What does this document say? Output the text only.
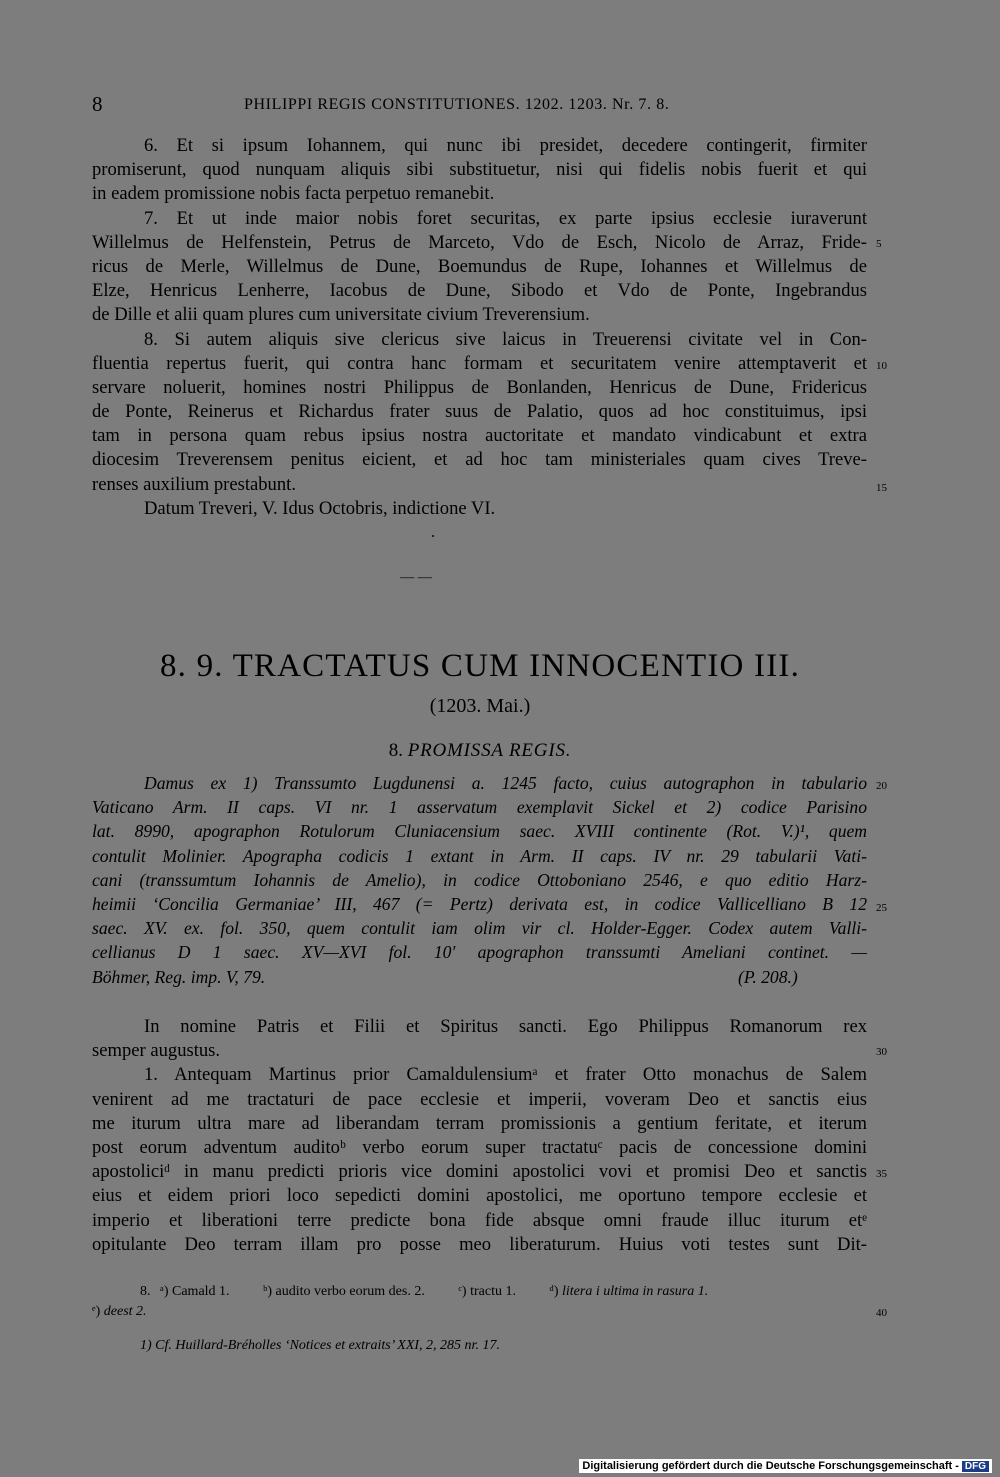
8	PHILIPPI REGIS CONSTITUTIONES. 1202. 1203. Nr. 7. 8.
6. Et si ipsum Iohannem, qui nunc ibi presidet, decedere contingerit, firmiter
promiserunt, quod nunquam aliquis sibi substituetur, nisi qui fidelis nobis fuerit et qui
in eadem promissione nobis facta perpetuo remanebit.
7. Et ut inde maior nobis foret securitas, ex parte ipsius ecclesie iuraverunt
Willelmus de Helfenstein, Petrus de Marceto, Vdo de Esch, Nicolo de Arraz, Fride-
ricus de Merle, Willelmus de Dune, Boemundus de Rupe, Iohannes et Willelmus de
Elze, Henricus Lenherre, Iacobus de Dune, Sibodo et Vdo de Ponte, Ingebrandus
de Dille et alii quam plures cum universitate civium Treverensium.
8. Si autem aliquis sive clericus sive laicus in Treuerensi civitate vel in Con-
fluentia repertus fuerit, qui contra hanc formam et securitatem venire attemptaverit et
servare noluerit, homines nostri Philippus de Bonlanden, Henricus de Dune, Fridericus
de Ponte, Reinerus et Richardus frater suus de Palatio, quos ad hoc constituimus, ipsi
tam in persona quam rebus ipsius nostra auctoritate et mandato vindicabunt et extra
diocesim Treverensem penitus eicient, et ad hoc tam ministeriales quam cives Treve-
renses auxilium prestabunt.
Datum Treveri, V. Idus Octobris, indictione VI.
5
10
15
— —
8. 9. TRACTATUS CUM INNOCENTIO III.
(1203. Mai.)
8. PROMISSA REGIS.
Damus ex 1) Transsumto Lugdunensi a. 1245 facto, cuius autographon in tabulario
Vaticano Arm. II caps. VI nr. 1 asservatum exemplavit Sickel et 2) codice Parisino
lat. 8990, apographon Rotulorum Cluniacensium saec. XVIII continente (Rot. V.)¹, quem
contulit Molinier. Apographa codicis 1 extant in Arm. II caps. IV nr. 29 tabularii Vati-
cani (transsumtum Iohannis de Amelio), in codice Ottoboniano 2546, e quo editio Harz-
heimii ‘Concilia Germaniae’ III, 467 (= Pertz) derivata est, in codice Vallicelliano B 12
saec. XV. ex. fol. 350, quem contulit iam olim vir cl. Holder-Egger. Codex autem Valli-
cellianus D 1 saec. XV—XVI fol. 10′ apographon transsumti Ameliani continet. —
Böhmer, Reg. imp. V, 79.	(P. 208.)
20
25
In nomine Patris et Filii et Spiritus sancti. Ego Philippus Romanorum rex
semper augustus.
1. Antequam Martinus prior Camaldulensiumᵃ et frater Otto monachus de Salem
venirent ad me tractaturi de pace ecclesie et imperii, voveram Deo et sanctis eius
me iturum ultra mare ad liberandam terram promissionis a gentium feritate, et iterum
post eorum adventum auditoᵇ verbo eorum super tractatuᶜ pacis de concessione domini
apostoliciᵈ in manu predicti prioris vice domini apostolici vovi et promisi Deo et sanctis
eius et eidem priori loco sepedicti domini apostolici, me oportuno tempore ecclesie et
imperio et liberationi terre predicte bona fide absque omni fraude illuc iturum etᵉ
opitulante Deo terram illam pro posse meo liberaturum. Huius voti testes sunt Dit-
30
35
8. ᵃ) Camald 1. ᵇ) audito verbo eorum des. 2. ᶜ) tractu 1. ᵈ) litera i ultima in rasura 1.
ᵉ) deest 2.	40
1) Cf. Huillard-Bréholles ‘Notices et extraits’ XXI, 2, 285 nr. 17.
Digitalisierung gefördert durch die Deutsche Forschungsgemeinschaft - DFG
